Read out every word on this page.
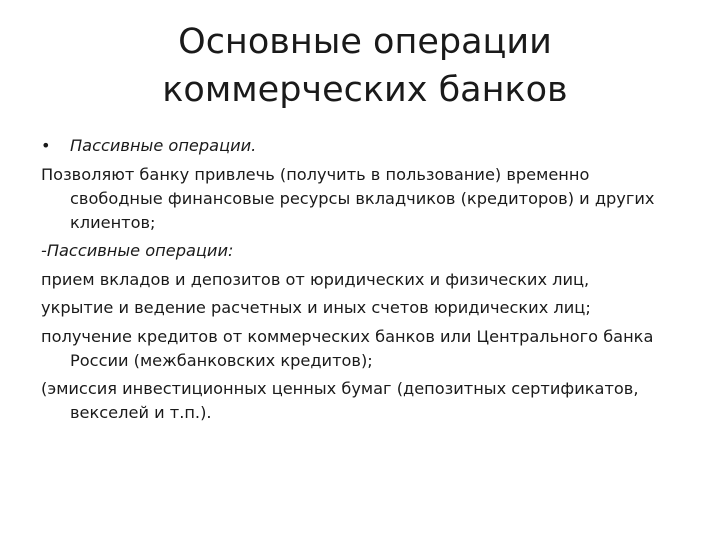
Основные операции
коммерческих банков

• Пассивные операции.

Позволяют банку привлечь (получить в пользование) временно свободные финансовые ресурсы вкладчиков (кредиторов) и других клиентов;

-Пассивные операции:

прием вкладов и депозитов от юридических и физических лиц,

укрытие и ведение расчетных и иных счетов юридических лиц;

получение кредитов от коммерческих банков или Центрального банка России (межбанковских кредитов);

(эмиссия инвестиционных ценных бумаг (депозитных сертификатов, векселей и т.п.).
